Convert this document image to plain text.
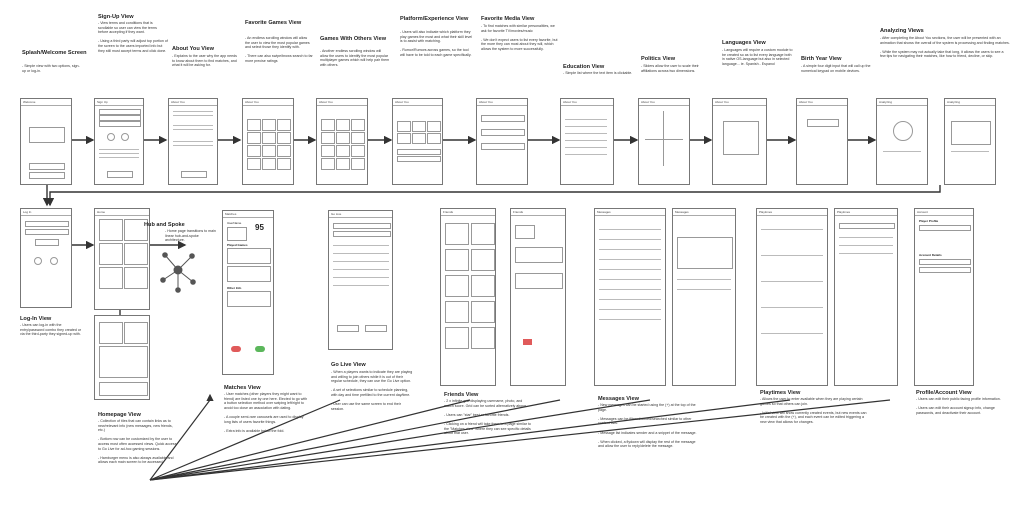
Splash/Welcome Screen
- Simple view with two options, sign-up or log-in.
Sign-Up View
- View terms and conditions that is scrollable so user can view the terms before accepting if they want.

- Using a third party will adjust top portion of the screen to the users imported info but they still must accept terms and click done.	About You View
- Explains to the user why the app needs to know about them to find matches, and what it will be asking for.
Favorite Games View
- An endless scrolling window will allow the user to view the most popular games and select those they identify with.

- There can also swipe/brows search to far more precise ratings
Games With Others View
- Another endless scrolling window will allow the users to identify the most popular multiplayer games which will help pair them with others.
Platform/Experience View
- Users will also indicate which platform they play games the most and what their skill level is to assist with matching.

- Rumor/Rumors across games, so the tool will have to be told to each game specifically.
Favorite Media View
- To find matches with similar personalities, we ask for favorite TV/movies/music

- We don't expect users to list every favorite, but the more they can most about they will, which allows the system to more successfully.
Education View
- Simple list where the text item is clickable.
Politics View
- Sliders allow the user to scale their affiliations across two dimensions.
Languages View
- Languages will require a custom module to be created so as to list every language both in native OS-language but also in selected language... ie. Spanish - Espanol
Birth Year View
- A simple four digit input that will call up the numerical keypad on mobile devices.
Analyzing Views
- After completing the About You sections, the user will be presented with an animation that shows the overall of the system is processing and finding matches.

- While the system may not actually take that long, it allows the users to see a few tips for navigating their matches, like how to friend, decline, or skip.
Welcome	Sign Up	About You	About You	About You	About You	About You	About You	About You	About You	About You	Analyzing	Analyzing
Log In	Home
Homepage View
- Collection of tiles that can contain links as to new/relevant info (new messages, new friends, etc.)

- Bottom row can be customized by the user to access most often accessed views. Quick access to Go Live for ad-hoc gaming sessions.

- Hamburger menu is also always available and allows each main screen to be accessed.
Log-In View
- Users can log-in with the entry/password combo they created or via the third-party they signed-up with.
Hub and Spoke
- Home page transitions to main linear hub-and-spoke architecture.
Matches
UserName 95
Played Games
Other Info
Matches View
- User matches (other players they might want to friend) are listed one by one here. Elected to go with a button selection method over swiping left/right to avoid too close an association with dating.

- A couple semi-rare carousels are used to display long lists of users favorite things.

- Extra info is available below the fold.
Go Live
Go Live View
- When a players wants to indicate they are playing and willing to join others while it is out of their regular schedule, they can use the Go Live option.

- A set of selections similar to schedule planning, with day and time prefilled to the current day/time.

- User can use the same screen to end their session.
Friends
Friends View
- 2 x infinite grid displaying username, photo, and match score. Grid can be sorted alternatively above.

- Users can "star" best or favorite friends.

- Clicking on a friend will take them to a page similar to the "Matches view" where they can see specific details about that user.
Friends	Messages	Messages
Messages View
- New messages can be started using the (+) at the top of the page.

- Messages can be filtered/sorted/searched similar to other content lists.

- Message list indicates sender and a snippet of the message.

- When clicked, a flydown will display the rest of the message and allow the user to reply/delete the message.
Playtimes	Playtimes
Playtimes View
- Allows the user to enter available when they are playing certain games so that others can join.

- Initial view will show currently created events, but new events can be created with the (+), and each event can be edited triggering a new view that allows for changes.
Account
Player Profile
Account Details
Profile/Account View
- Users can edit their public facing profile information.

- Users can edit their account signup info, change passwords, and deactivate their account.
